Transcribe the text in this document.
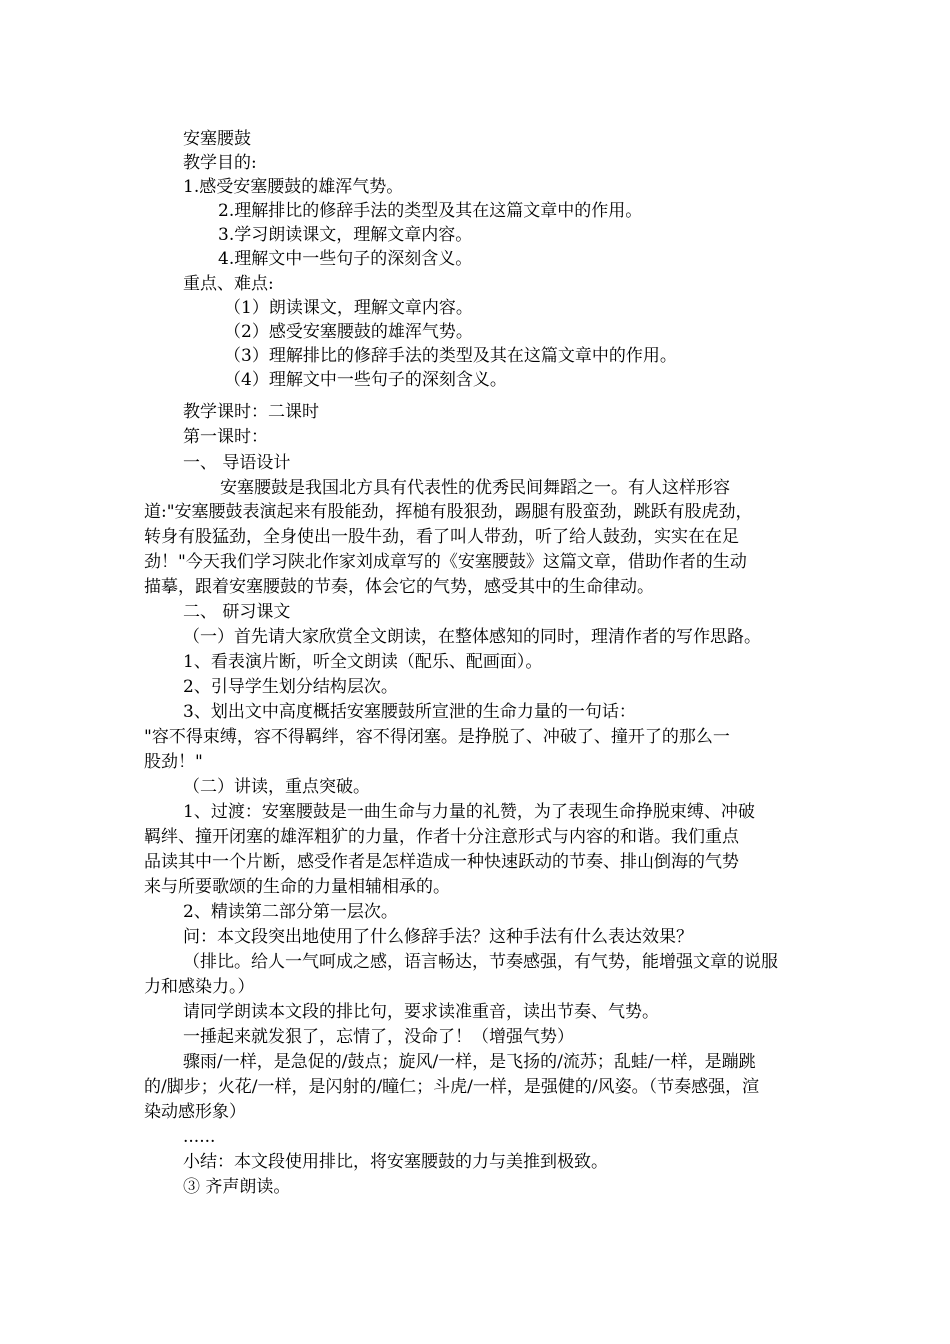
安塞腰鼓
教学目的:
1.感受安塞腰鼓的雄浑气势。
2.理解排比的修辞手法的类型及其在这篇文章中的作用。
3.学习朗读课文，理解文章内容。
4.理解文中一些句子的深刻含义。
重点、难点:
（1）朗读课文，理解文章内容。
（2）感受安塞腰鼓的雄浑气势。
（3）理解排比的修辞手法的类型及其在这篇文章中的作用。
（4）理解文中一些句子的深刻含义。
教学课时：二课时
第一课时：
一、 导语设计
安塞腰鼓是我国北方具有代表性的优秀民间舞蹈之一。有人这样形容
道:"安塞腰鼓表演起来有股能劲，挥槌有股狠劲，踢腿有股蛮劲，跳跃有股虎劲，
转身有股猛劲，全身使出一股牛劲，看了叫人带劲，听了给人鼓劲，实实在在足
劲！"今天我们学习陕北作家刘成章写的《安塞腰鼓》这篇文章，借助作者的生动
描摹，跟着安塞腰鼓的节奏，体会它的气势，感受其中的生命律动。
二、 研习课文
（一）首先请大家欣赏全文朗读，在整体感知的同时，理清作者的写作思路。
1、看表演片断，听全文朗读（配乐、配画面）。
2、引导学生划分结构层次。
3、划出文中高度概括安塞腰鼓所宣泄的生命力量的一句话：
"容不得束缚，容不得羁绊，容不得闭塞。是挣脱了、冲破了、撞开了的那么一
股劲！"
（二）讲读，重点突破。
1、过渡：安塞腰鼓是一曲生命与力量的礼赞，为了表现生命挣脱束缚、冲破
羁绊、撞开闭塞的雄浑粗犷的力量，作者十分注意形式与内容的和谐。我们重点
品读其中一个片断，感受作者是怎样造成一种快速跃动的节奏、排山倒海的气势
来与所要歌颂的生命的力量相辅相承的。
2、精读第二部分第一层次。
问：本文段突出地使用了什么修辞手法？这种手法有什么表达效果？
（排比。给人一气呵成之感，语言畅达，节奏感强，有气势，能增强文章的说服
力和感染力。）
请同学朗读本文段的排比句，要求读准重音，读出节奏、气势。
一捶起来就发狠了，忘情了，没命了！（增强气势）
骤雨/一样，是急促的/鼓点；旋风/一样，是飞扬的/流苏；乱蛙/一样，是蹦跳
的/脚步；火花/一样，是闪射的/瞳仁；斗虎/一样，是强健的/风姿。（节奏感强，渲
染动感形象）
......
小结：本文段使用排比，将安塞腰鼓的力与美推到极致。
③ 齐声朗读。
